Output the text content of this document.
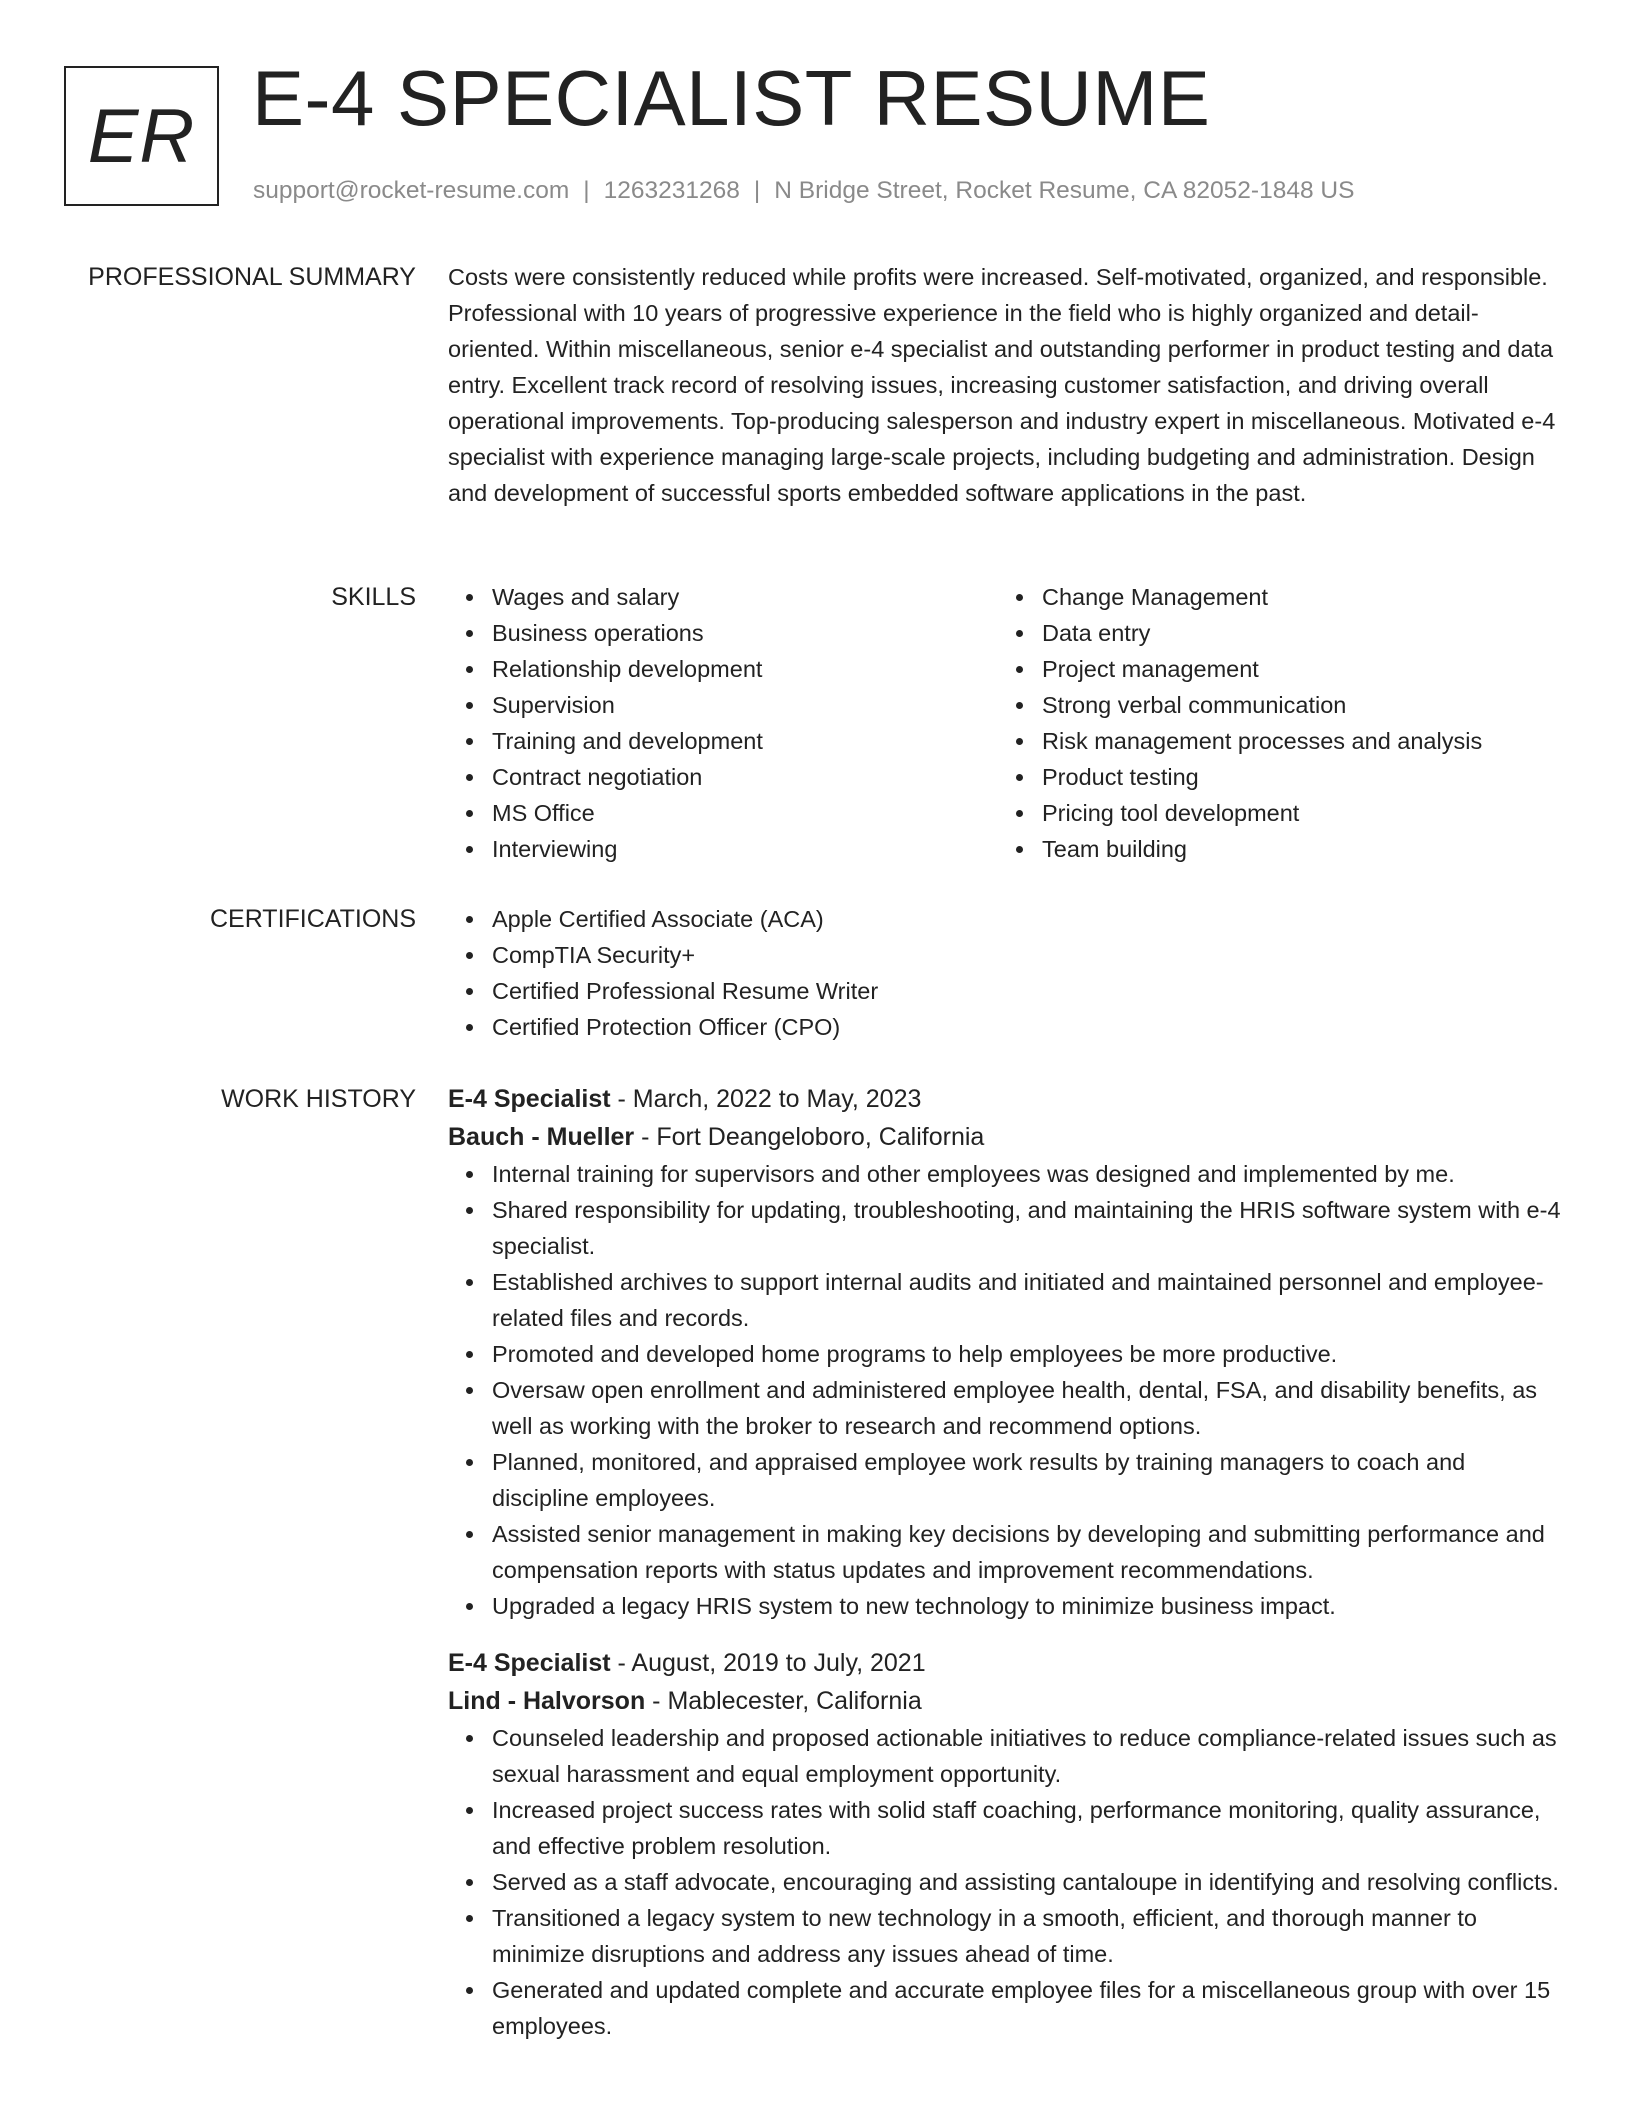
ER E-4 SPECIALIST RESUME
support@rocket-resume.com | 1263231268 | N Bridge Street, Rocket Resume, CA 82052-1848 US
PROFESSIONAL SUMMARY Costs were consistently reduced while profits were increased. Self-motivated, organized, and responsible. Professional with 10 years of progressive experience in the field who is highly organized and detail-oriented. Within miscellaneous, senior e-4 specialist and outstanding performer in product testing and data entry. Excellent track record of resolving issues, increasing customer satisfaction, and driving overall operational improvements. Top-producing salesperson and industry expert in miscellaneous. Motivated e-4 specialist with experience managing large-scale projects, including budgeting and administration. Design and development of successful sports embedded software applications in the past.

SKILLS	Wages and salary
Business operations
Relationship development
Supervision
Training and development
Contract negotiation
MS Office
Interviewing
Change Management
Data entry
Project management
Strong verbal communication
Risk management processes and analysis
Product testing
Pricing tool development
Team building
CERTIFICATIONS	Apple Certified Associate (ACA)
CompTIA Security+
Certified Professional Resume Writer
Certified Protection Officer (CPO)
WORK HISTORY E-4 Specialist - March, 2022 to May, 2023
Bauch - Mueller - Fort Deangeloboro, California
Internal training for supervisors and other employees was designed and implemented by me.
Shared responsibility for updating, troubleshooting, and maintaining the HRIS software system with e-4 specialist.
Established archives to support internal audits and initiated and maintained personnel and employee-related files and records.
Promoted and developed home programs to help employees be more productive.
Oversaw open enrollment and administered employee health, dental, FSA, and disability benefits, as well as working with the broker to research and recommend options.
Planned, monitored, and appraised employee work results by training managers to coach and discipline employees.
Assisted senior management in making key decisions by developing and submitting performance and compensation reports with status updates and improvement recommendations.
Upgraded a legacy HRIS system to new technology to minimize business impact.
E-4 Specialist - August, 2019 to July, 2021
Lind - Halvorson - Mablecester, California
Counseled leadership and proposed actionable initiatives to reduce compliance-related issues such as sexual harassment and equal employment opportunity.
Increased project success rates with solid staff coaching, performance monitoring, quality assurance, and effective problem resolution.
Served as a staff advocate, encouraging and assisting cantaloupe in identifying and resolving conflicts.
Transitioned a legacy system to new technology in a smooth, efficient, and thorough manner to minimize disruptions and address any issues ahead of time.
Generated and updated complete and accurate employee files for a miscellaneous group with over 15 employees.
